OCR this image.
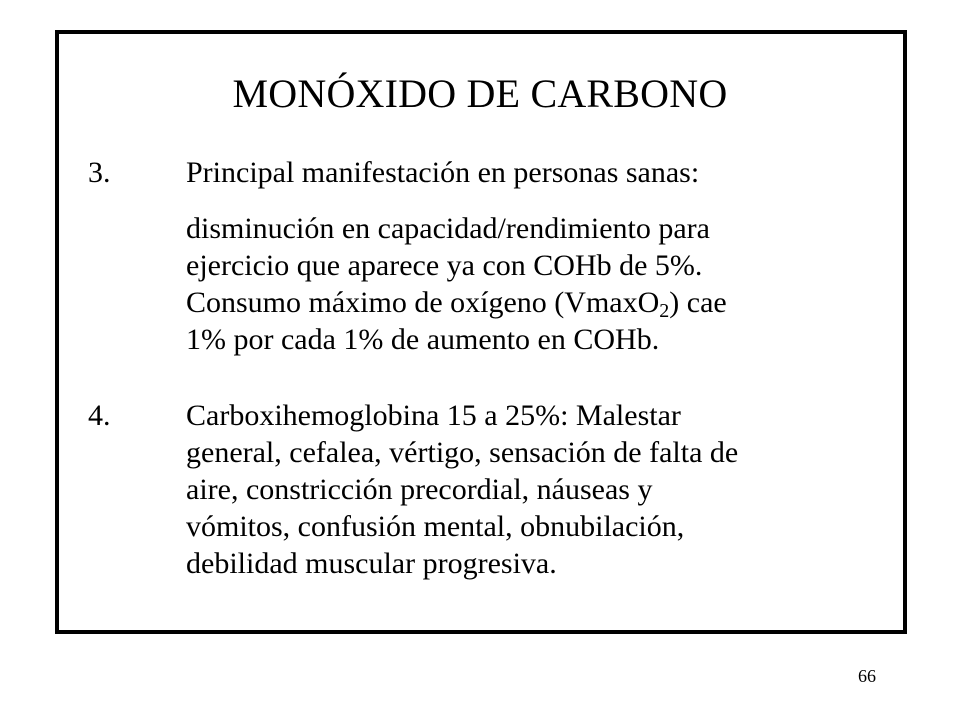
MONÓXIDO DE CARBONO
3.	Principal manifestación en personas sanas:
disminución en capacidad/rendimiento para
ejercicio que aparece ya con COHb de 5%.
Consumo máximo de oxígeno (VmaxO$_2$) cae
1% por cada 1% de aumento en COHb.
4.	Carboxihemoglobina 15 a 25%: Malestar
general, cefalea, vértigo, sensación de falta de
aire, constricción precordial, náuseas y
vómitos, confusión mental, obnubilación,
debilidad muscular progresiva.
66
